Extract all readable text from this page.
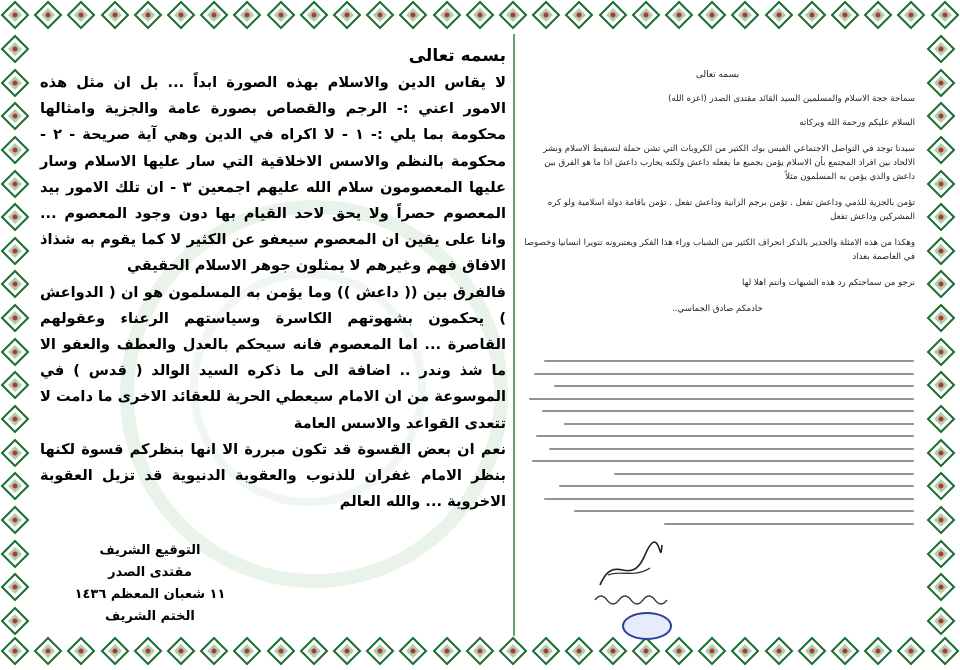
بسمه تعالى

لا يقاس الدين والاسلام بهذه الصورة ابداً ... بل ان مثل هذه الامور اعني :- الرجم والقصاص بصورة عامة والجزية وامثالها محكومة بما يلي :- ١ - لا اكراه في الدين وهي آية صريحة - ٢ - محكومة بالنظم والاسس الاخلاقية التي سار عليها الاسلام وسار عليها المعصومون سلام الله عليهم اجمعين ٣ - ان تلك الامور بيد المعصوم حصراً ولا يحق لاحد القيام بها دون وجود المعصوم ... وانا على يقين ان المعصوم سيعفو عن الكثير لا كما يقوم به شذاذ الافاق فهم وغيرهم لا يمثلون جوهر الاسلام الحقيقي

فالفرق بين (( داعش )) وما يؤمن به المسلمون هو ان ( الدواعش ) يحكمون بشهوتهم الكاسرة وسياستهم الرعناء وعقولهم القاصرة ... اما المعصوم فانه سيحكم بالعدل والعطف والعفو الا ما شذ وندر .. اضافة الى ما ذكره السيد الوالد ( قدس ) في الموسوعة من ان الامام سيعطي الحرية للعقائد الاخرى ما دامت لا تتعدى القواعد والاسس العامة

نعم ان بعض القسوة قد تكون مبررة الا انها بنظركم قسوة لكنها بنظر الامام غفران للذنوب والعقوبة الدنيوية قد تزيل العقوبة الاخروية ... والله العالم

التوقيع الشريف
مقتدى الصدر
١١ شعبان المعظم ١٤٣٦
الختم الشريف

بسمه تعالى

سماحة حجة الاسلام والمسلمين السيد القائد مقتدى الصدر (اعزه الله)

السلام عليكم ورحمة الله وبركاته

سيدنا توجد في التواصل الاجتماعي الفيس بوك الكثير من الكروبات التي تشن حملة لتسقيط الاسلام ونشر الالحاد بين افراد المجتمع بأن الاسلام يؤمن بجميع ما يفعله داعش ولكنه يحارب داعش اذا ما هو الفرق بين داعش والذي يؤمن به المسلمون مثلاً

تؤمن بالجزية للذمي وداعش تفعل . تؤمن برجم الزانية وداعش تفعل . تؤمن باقامة دولة اسلامية ولو كره المشركين وداعش تفعل

وهكذا من هذه الامثلة والجدير بالذكر انحراف الكثير من الشباب وراء هذا الفكر ويعتبرونه تنويرا انسانيا وخصوصا في العاصمة بغداد

نرجو من سماحتكم رد هذه الشبهات وانتم اهلا لها

خادمكم صادق الجماسي..
